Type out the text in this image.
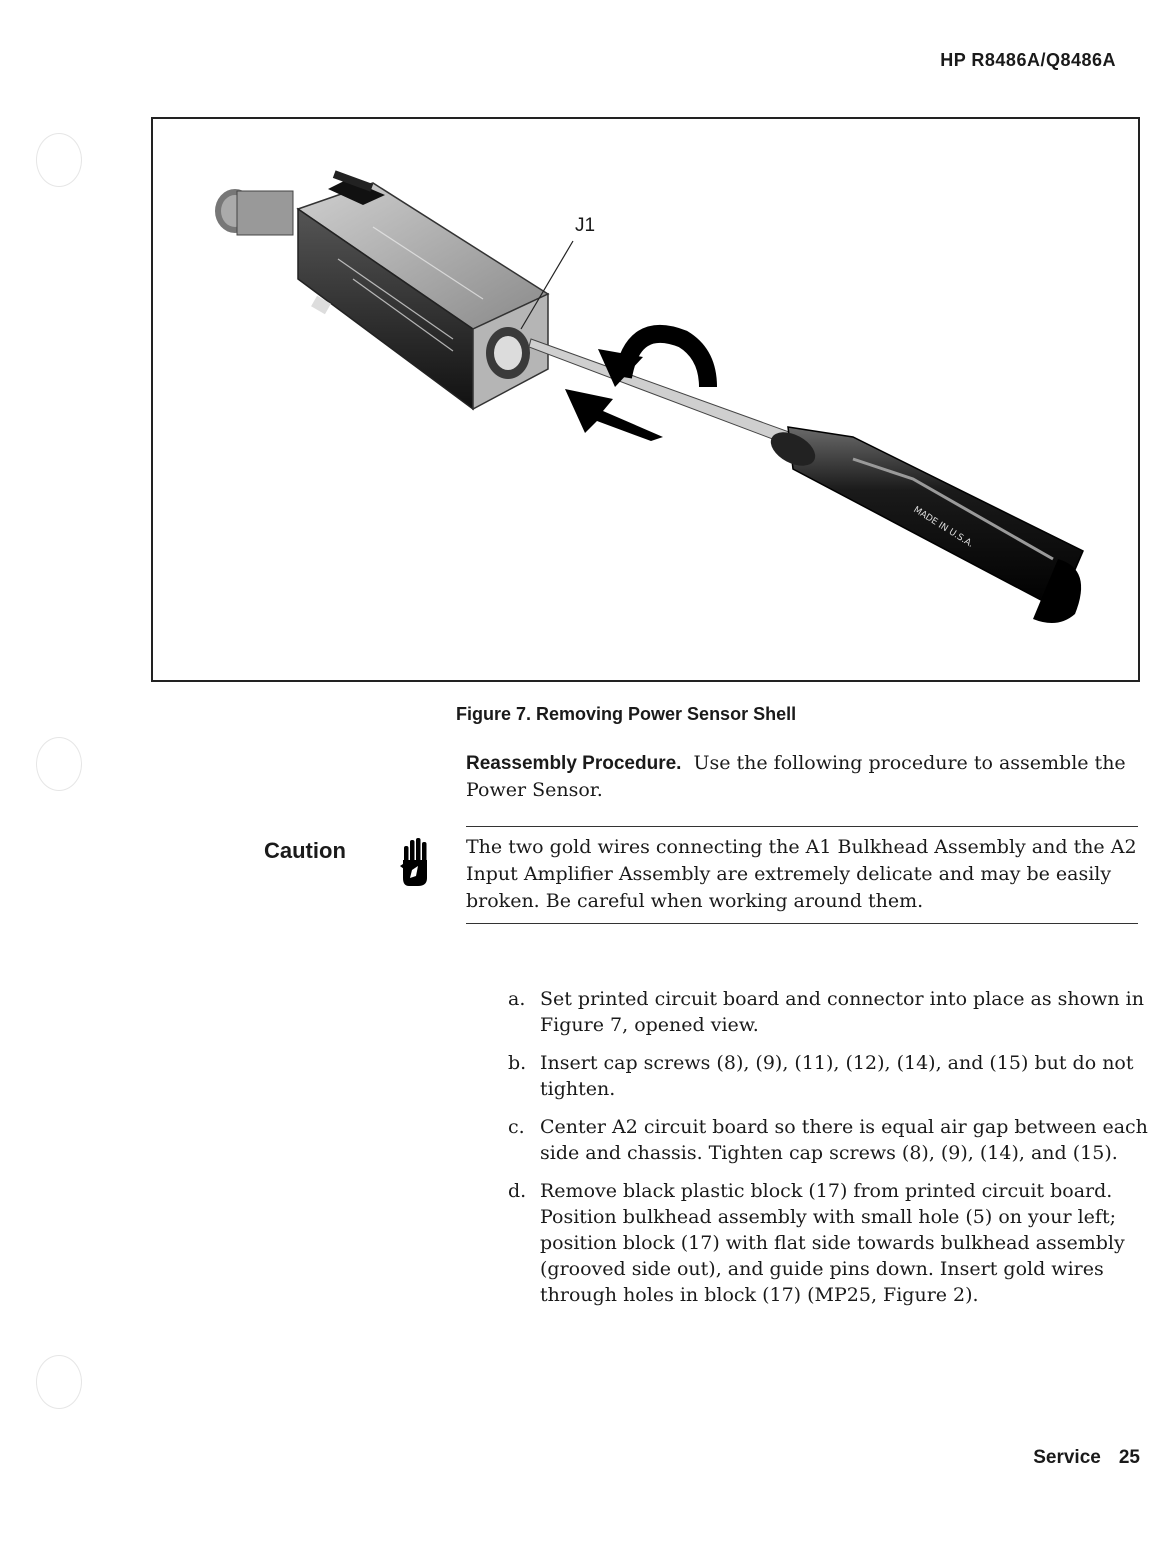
HP R8486A/Q8486A
MADE IN U.S.A.
J1
Figure 7. Removing Power Sensor Shell
Reassembly Procedure. Use the following procedure to assemble the Power Sensor.
Caution	The two gold wires connecting the A1 Bulkhead Assembly and the A2 Input Amplifier Assembly are extremely delicate and may be easily broken. Be careful when working around them.
a. Set printed circuit board and connector into place as shown in Figure 7, opened view.
b. Insert cap screws (8), (9), (11), (12), (14), and (15) but do not tighten.
c. Center A2 circuit board so there is equal air gap between each side and chassis. Tighten cap screws (8), (9), (14), and (15).
d. Remove black plastic block (17) from printed circuit board. Position bulkhead assembly with small hole (5) on your left; position block (17) with flat side towards bulkhead assembly (grooved side out), and guide pins down. Insert gold wires through holes in block (17) (MP25, Figure 2).
Service 25
